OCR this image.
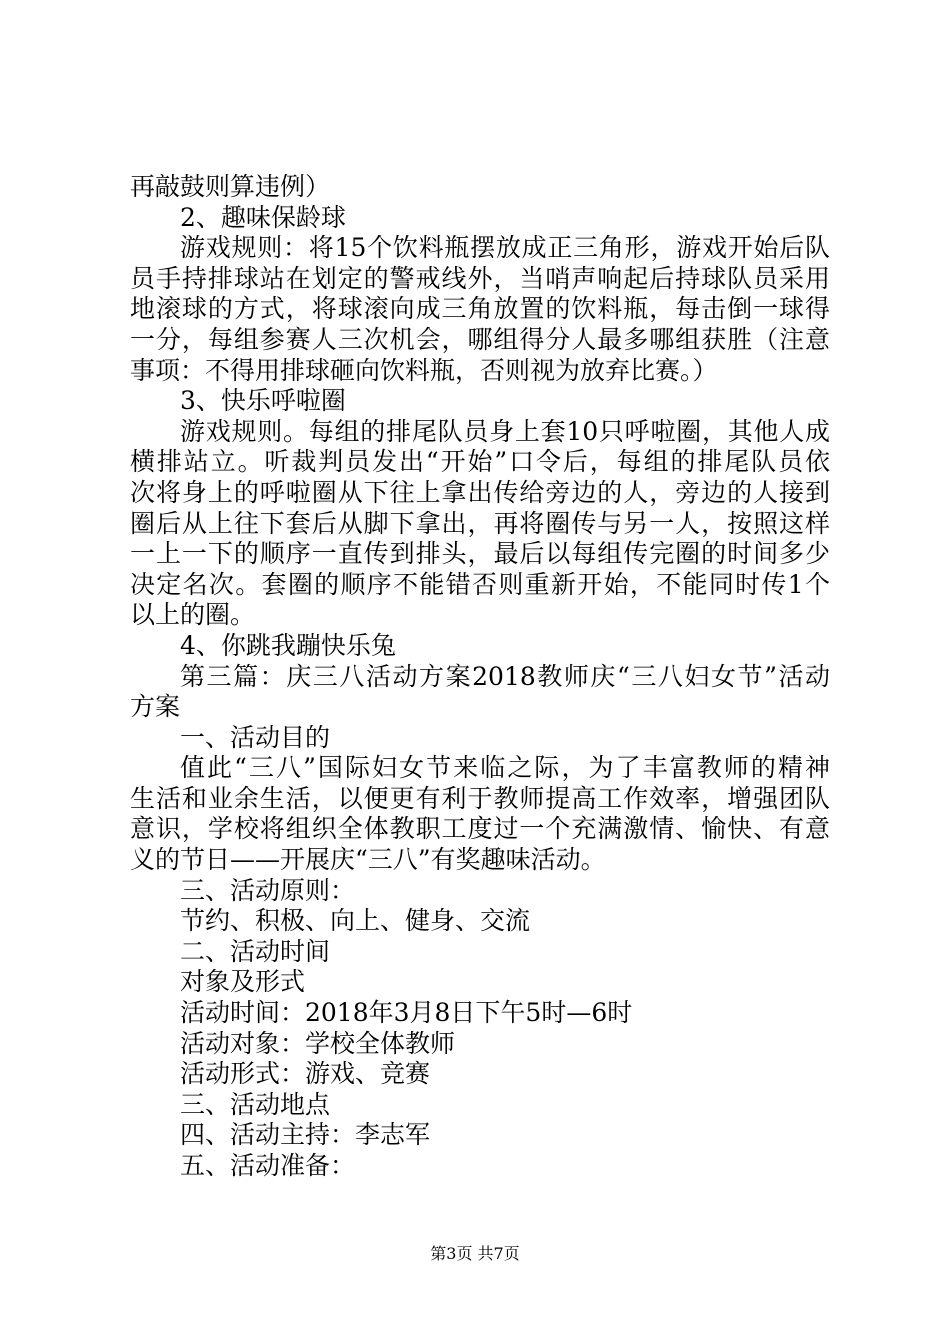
再敲鼓则算违例）
2、趣味保龄球
游戏规则：将15个饮料瓶摆放成正三角形，游戏开始后队
员手持排球站在划定的警戒线外，当哨声响起后持球队员采用
地滚球的方式，将球滚向成三角放置的饮料瓶，每击倒一球得
一分，每组参赛人三次机会，哪组得分人最多哪组获胜（注意
事项：不得用排球砸向饮料瓶，否则视为放弃比赛。）
3、快乐呼啦圈
游戏规则。每组的排尾队员身上套10只呼啦圈，其他人成
横排站立。听裁判员发出“开始”口令后，每组的排尾队员依
次将身上的呼啦圈从下往上拿出传给旁边的人，旁边的人接到
圈后从上往下套后从脚下拿出，再将圈传与另一人，按照这样
一上一下的顺序一直传到排头，最后以每组传完圈的时间多少
决定名次。套圈的顺序不能错否则重新开始，不能同时传1个
以上的圈。
4、你跳我蹦快乐兔
第三篇：庆三八活动方案2018教师庆“三八妇女节”活动
方案
一、活动目的
值此“三八”国际妇女节来临之际，为了丰富教师的精神
生活和业余生活，以便更有利于教师提高工作效率，增强团队
意识，学校将组织全体教职工度过一个充满激情、愉快、有意
义的节日——开展庆“三八”有奖趣味活动。
三、活动原则：
节约、积极、向上、健身、交流
二、活动时间
对象及形式
活动时间：2018年3月8日下午5时—6时
活动对象：学校全体教师
活动形式：游戏、竞赛
三、活动地点
四、活动主持：李志军
五、活动准备：
第3页 共7页
